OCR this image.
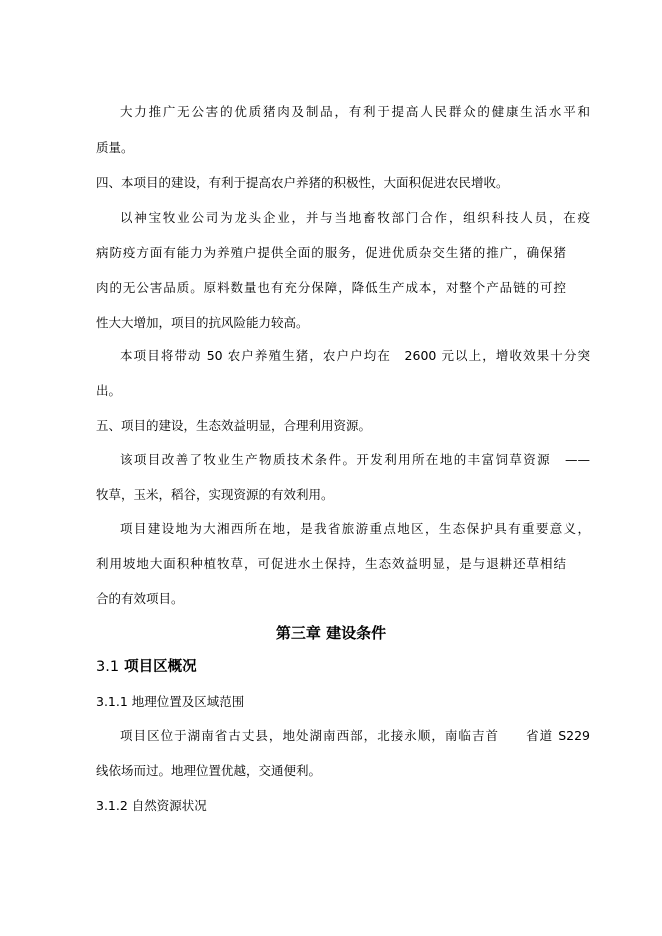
大力推广无公害的优质猪肉及制品，有利于提高人民群众的健康生活水平和
质量。
四、本项目的建设，有利于提高农户养猪的积极性，大面积促进农民增收。
以神宝牧业公司为龙头企业，并与当地畜牧部门合作，组织科技人员，在疫
病防疫方面有能力为养殖户提供全面的服务，促进优质杂交生猪的推广，确保猪
肉的无公害品质。原料数量也有充分保障，降低生产成本，对整个产品链的可控
性大大增加，项目的抗风险能力较高。
本项目将带动 50 农户养殖生猪，农户户均在　2600 元以上，增收效果十分突
出。
五、项目的建设，生态效益明显，合理利用资源。
该项目改善了牧业生产物质技术条件。开发利用所在地的丰富饲草资源　——
牧草，玉米，稻谷，实现资源的有效利用。
项目建设地为大湘西所在地，是我省旅游重点地区，生态保护具有重要意义，
利用坡地大面积种植牧草，可促进水土保持，生态效益明显，是与退耕还草相结
合的有效项目。
第三章 建设条件
3.1 项目区概况
3.1.1 地理位置及区域范围
项目区位于湖南省古丈县，地处湖南西部，北接永顺，南临吉首　　省道 S229
线依场而过。地理位置优越，交通便利。
3.1.2 自然资源状况
